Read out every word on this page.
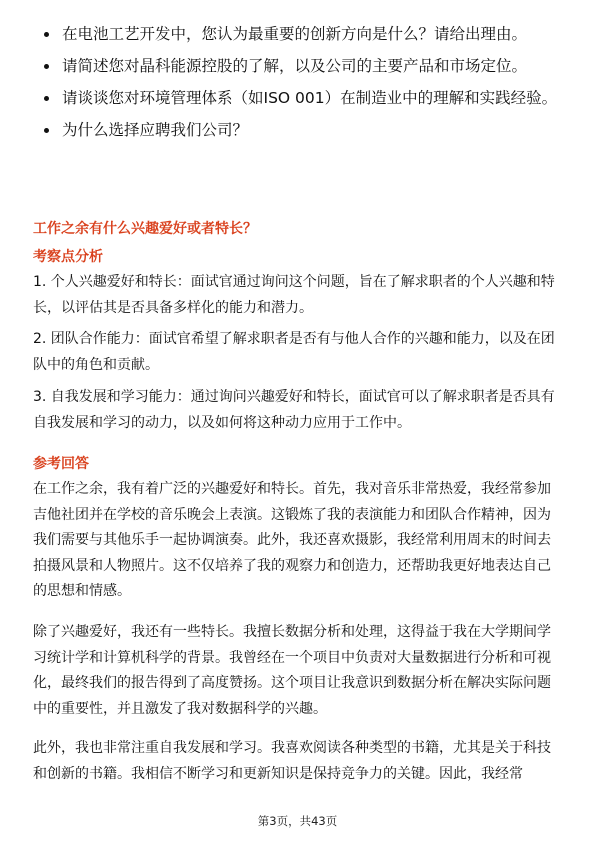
在电池工艺开发中，您认为最重要的创新方向是什么？请给出理由。
请简述您对晶科能源控股的了解，以及公司的主要产品和市场定位。
请谈谈您对环境管理体系（如ISO 001）在制造业中的理解和实践经验。
为什么选择应聘我们公司？
工作之余有什么兴趣爱好或者特长？
考察点分析
1. 个人兴趣爱好和特长：面试官通过询问这个问题，旨在了解求职者的个人兴趣和特长，以评估其是否具备多样化的能力和潜力。
2. 团队合作能力：面试官希望了解求职者是否有与他人合作的兴趣和能力，以及在团队中的角色和贡献。
3. 自我发展和学习能力：通过询问兴趣爱好和特长，面试官可以了解求职者是否具有自我发展和学习的动力，以及如何将这种动力应用于工作中。
参考回答
在工作之余，我有着广泛的兴趣爱好和特长。首先，我对音乐非常热爱，我经常参加吉他社团并在学校的音乐晚会上表演。这锻炼了我的表演能力和团队合作精神，因为我们需要与其他乐手一起协调演奏。此外，我还喜欢摄影，我经常利用周末的时间去拍摄风景和人物照片。这不仅培养了我的观察力和创造力，还帮助我更好地表达自己的思想和情感。
除了兴趣爱好，我还有一些特长。我擅长数据分析和处理，这得益于我在大学期间学习统计学和计算机科学的背景。我曾经在一个项目中负责对大量数据进行分析和可视化，最终我们的报告得到了高度赞扬。这个项目让我意识到数据分析在解决实际问题中的重要性，并且激发了我对数据科学的兴趣。
此外，我也非常注重自我发展和学习。我喜欢阅读各种类型的书籍，尤其是关于科技和创新的书籍。我相信不断学习和更新知识是保持竞争力的关键。因此，我经常
第3页，共43页
